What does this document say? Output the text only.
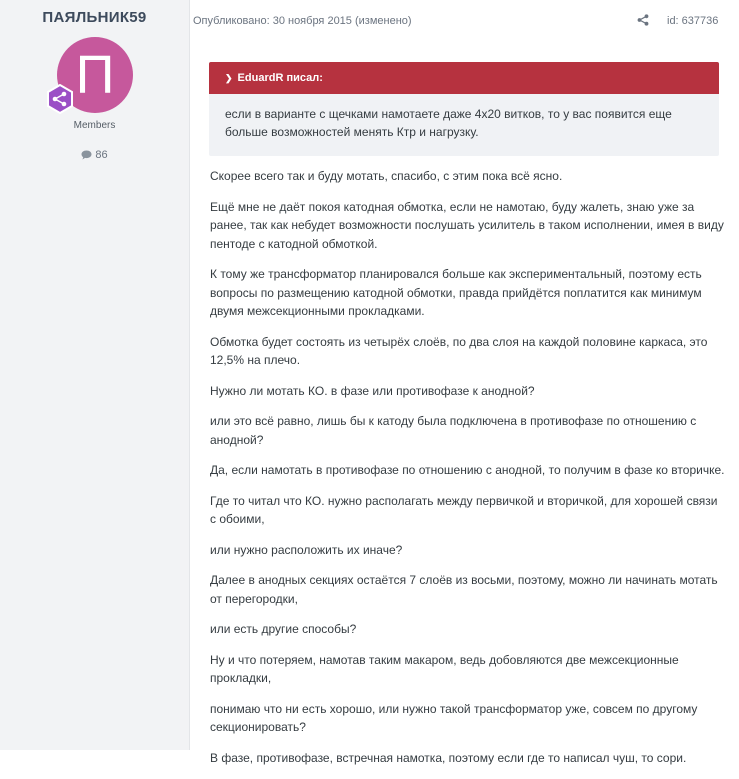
ПАЯЛЬНИК59
П
Members
86
Опубликовано: 30 ноября 2015 (изменено)	id: 637736
❯ EduardR писал:
если в варианте с щечками намотаете даже 4х20 витков, то у вас появится еще больше возможностей менять Ктр и нагрузку.

Скорее всего так и буду мотать, спасибо, с этим пока всё ясно.

Ещё мне не даёт покоя катодная обмотка, если не намотаю, буду жалеть, знаю уже за ранее, так как небудет возможности послушать усилитель в таком исполнении, имея в виду пентоде с катодной обмоткой.

К тому же трансформатор планировался больше как экспериментальный, поэтому есть вопросы по размещению катодной обмотки, правда прийдётся поплатится как минимум двумя межсекционными прокладками.

Обмотка будет состоять из четырёх слоёв, по два слоя на каждой половине каркаса, это 12,5% на плечо.

Нужно ли мотать КО. в фазе или противофазе к анодной?

или это всё равно, лишь бы к катоду была подключена в противофазе по отношению с анодной?

Да, если намотать в противофазе по отношению с анодной, то получим в фазе ко вторичке.

Где то читал что КО. нужно располагать между первичкой и вторичкой, для хорошей связи с обоими,

или нужно расположить их иначе?

Далее в анодных секциях остаётся 7 слоёв из восьми, поэтому, можно ли начинать мотать от перегородки,

или есть другие способы?

Ну и что потеряем, намотав таким макаром, ведь добовляются две межсекционные прокладки,

понимаю что ни есть хорошо, или нужно такой трансформатор уже, совсем по другому секционировать?

В фазе, противофазе, встречная намотка, поэтому если где то написал чуш, то сори.
